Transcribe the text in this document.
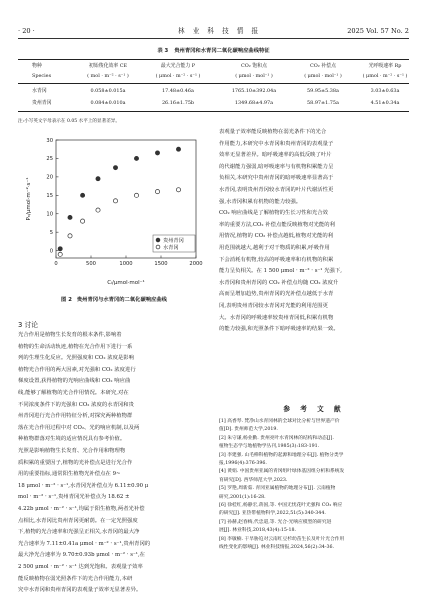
· 20 ·	林 业 科 技 情 报	2025 Vol. 57 No. 2
表 3 贵州青冈和水青冈二氧化碳响应曲线特征
物种	初始羧化效率 CE	最大光合能力 P	CO₂ 饱和点	CO₂ 补偿点	光呼吸速率 Rp
Species	( mol · m⁻² · s⁻¹ )	( μmol · m⁻² · s⁻¹ )	( μmol · mol⁻¹ )	( μmol · mol⁻¹ )	( μmol · m⁻² · s⁻¹ )
水青冈	0.058±0.015a	17.48±0.46a	1765.10±392.04a	59.95±5.38a	3.03±0.63a
贵州青冈	0.084±0.010a	26.16±1.75b	1349.68±4.97a	58.97±1.75a	4.51±0.34a
注:小写英文字母表示在 0.05 水平上的显著差异。
0	500	1000	1500	2000
0
5
10
15
20
25
30
贵州青冈
水青冈
Pₙ/μmol·m⁻²·s⁻¹
Cᵢ/μmol·mol⁻¹
图 2 贵州青冈与水青冈的二氧化碳响应曲线
3 讨论
光合作用是植物生长发育的根本条件,影响着
植物的生命活动轨迹,植物在光合作用下进行一系
列的生理生化反应。光照强度和 CO₂ 浓度是影响
植物光合作用的两大因素,对光强和 CO₂ 浓度进行
梯度设置,获得植物的光响应曲线和 CO₂ 响应曲
线,能够了解植物的光合作用情况。本研究,对在
不同浓度条件下的光强和 CO₂ 浓度的水青冈和贵
州青冈进行光合作用特征分析,对探究两种植物群
落在光合作用过程中对 CO₂、光的响应机制,以及两
种植物群落对生境的适应情况具有参考价值。
光照是影响植物生长发育、光合作用和物理物
质积累的重要因子,植物的光补偿点是进行光合作
用的重要指标,通常阳生植物光补偿点在 9~
18 μmol · m⁻² · s⁻¹,水青冈光补偿点为 6.11±0.90 μ
mol · m⁻² · s⁻¹,贵州青冈光补偿点为 18.62 ±
4.22b μmol · m⁻² · s⁻¹,均属于阳生植物,两者光补偿
点相比,水青冈比贵州青冈更耐荫。在一定光照强度
下,植物的光合速率和光强呈正相关,水青冈的最大净
光合速率为 7.11±0.41a μmol · m⁻² · s⁻¹,贵州青冈的
最大净光合速率为 9.70±0.93b μmol · m⁻² · s⁻¹,在
2 500 μmol · m⁻² · s⁻¹ 达到光饱和。表观量子效率
能反映植物在弱光照条件下的光合作用能力,本研
究中水青冈和贵州青冈的表观量子效率无显著差异。
表观量子效率能反映植物在弱光条件下的光合
作用能力,本研究中水青冈和贵州青冈的表观量子
效率无显著差异。暗呼吸速率的高低反映了叶片
的代谢能力强弱,暗呼吸速率与有机物积累能力呈
负相关,本研究中贵州青冈的暗呼吸速率显著高于
水青冈,表明贵州青冈较水青冈的叶片代谢活性更
强,水青冈积累有机物的能力较强。
CO₂ 响应曲线是了解植物的生长习性和光合效
率的重要方法,CO₂ 补偿点能反映植物对光能的利
用情况,植物的 CO₂ 补偿点越低,植物对光能的利
用范围就越大,越利于对干物质的积累,呼吸作用
下会消耗有机物,较高的呼吸速率和有机物的积累
能力呈负相关。在 1 500 μmol · m⁻² · s⁻¹ 光强下,
水青冈和贵州青冈的 CO₂ 补偿点均随 CO₂ 浓度升
高而呈增加趋势,贵州青冈的光补偿点越低于水青
冈,表明贵州青冈较水青冈对光能的利用范围更
大。水青冈的呼吸速率较贵州青冈低,积累有机物
的能力较强,和光照条件下暗呼吸速率的结果一致。
参 考 文 献
[1] 高香琴. 梵净山水青冈林的全球对比分析与世界遗产价
值[D]. 贵州师范大学,2019.
[2] 朱守谦,杨业勤. 贵州亮叶水青冈林的结构和动态[J].
植物生态学与地植物学丛刊,1985(3):183-191.
[3] 李建强. 山毛榉科植物的起源和地理分布[J]. 植物分类学
报,1996(4):376-396.
[4] 黄娟. 中国贵州亚属的青冈组叶绿体基因组分析和系统发
育研究[D]. 西华师范大学,2023.
[5] 罗艳,周新茹. 青冈亚属植物的地理分布[J]. 云南植物
研究,2001(1):16-28.
[6] 徐桂红,杨静宏,蒋国,等. 中国无忧花叶光强和 CO₂ 响应
的研究[J]. 亚热带植物科学,2022,51(5):340-344.
[7] 孙赫,赵春梅,代忠道,等. 光合-光响应模型的研究进
展[J]. 林业科技,2018,43(4):15-18.
[8] 李敏楠. 干旱胁迫对云南红豆杉幼苗生长及叶片光合作用
线性变化的影响[J]. 林业科技情报,2024,56(2):34-36.
